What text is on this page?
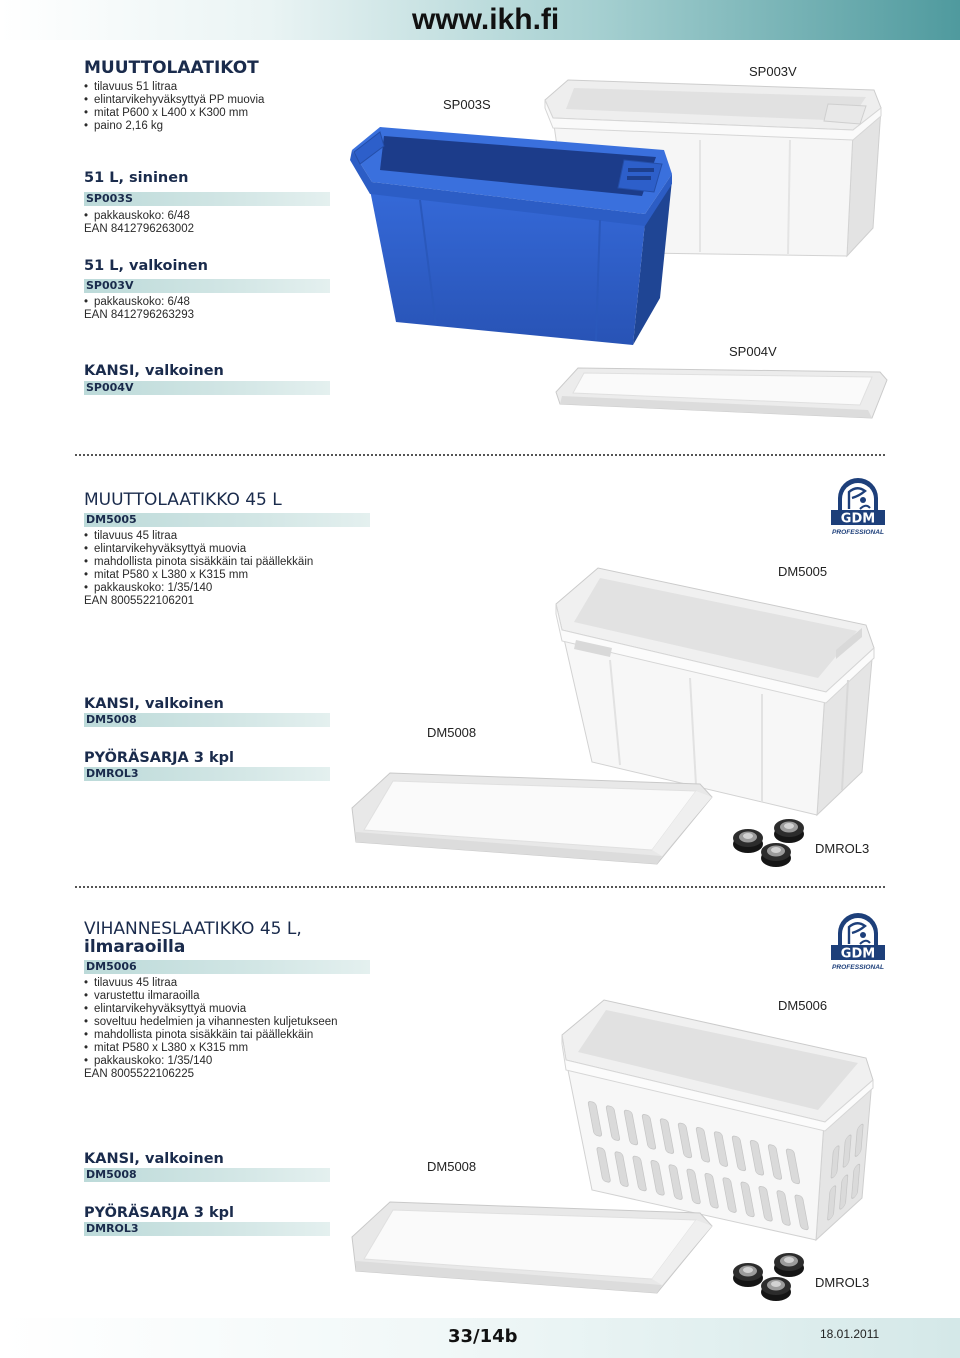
www.ikh.fi
MUUTTOLAATIKOT
• tilavuus 51 litraa
• elintarvikehyväksyttyä PP muovia
• mitat P600 x L400 x K300 mm
• paino 2,16 kg
51 L, sininen
SP003S
• pakkauskoko: 6/48
EAN 8412796263002
51 L, valkoinen
SP003V
• pakkauskoko: 6/48
EAN 8412796263293
KANSI, valkoinen
SP004V
SP003V
SP003S
SP004V
MUUTTOLAATIKKO 45 L
DM5005
• tilavuus 45 litraa
• elintarvikehyväksyttyä muovia
• mahdollista pinota sisäkkäin tai päällekkäin
• mitat P580 x L380 x K315 mm
• pakkauskoko: 1/35/140
EAN 8005522106201
KANSI, valkoinen
DM5008
PYÖRÄSARJA 3 kpl
DMROL3
GDM
PROFESSIONAL
DM5005
DM5008
DMROL3
VIHANNESLAATIKKO 45 L,
ilmaraoilla
DM5006
• tilavuus 45 litraa
• varustettu ilmaraoilla
• elintarvikehyväksyttyä muovia
• soveltuu hedelmien ja vihannesten kuljetukseen
• mahdollista pinota sisäkkäin tai päällekkäin
• mitat P580 x L380 x K315 mm
• pakkauskoko: 1/35/140
EAN 8005522106225
KANSI, valkoinen
DM5008
PYÖRÄSARJA 3 kpl
DMROL3
GDM
PROFESSIONAL
DM5006
DM5008
DMROL3
33/14b	18.01.2011
